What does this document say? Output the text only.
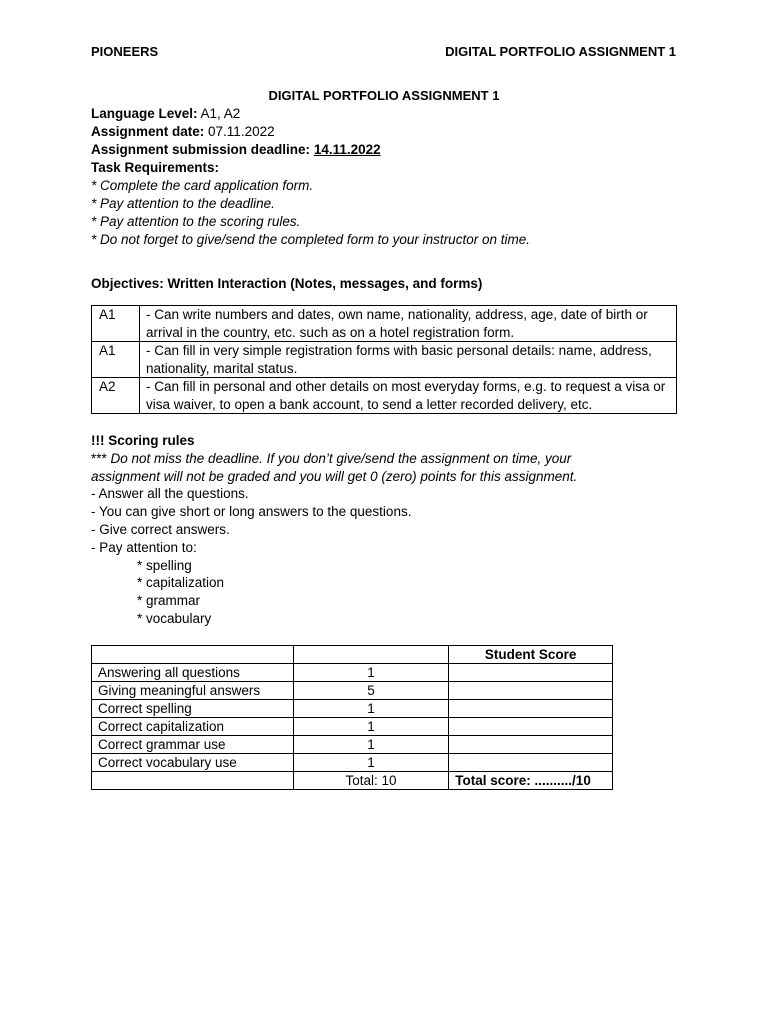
PIONEERS	DIGITAL PORTFOLIO ASSIGNMENT 1
DIGITAL PORTFOLIO ASSIGNMENT 1
Language Level: A1, A2
Assignment date: 07.11.2022
Assignment submission deadline: 14.11.2022
Task Requirements:
* Complete the card application form.
* Pay attention to the deadline.
* Pay attention to the scoring rules.
* Do not forget to give/send the completed form to your instructor on time.
Objectives: Written Interaction (Notes, messages, and forms)
A1	- Can write numbers and dates, own name, nationality, address, age, date of birth or arrival in the country, etc. such as on a hotel registration form.
A1	- Can fill in very simple registration forms with basic personal details: name, address, nationality, marital status.
A2	- Can fill in personal and other details on most everyday forms, e.g. to request a visa or visa waiver, to open a bank account, to send a letter recorded delivery, etc.
!!! Scoring rules
*** Do not miss the deadline. If you don’t give/send the assignment on time, your
assignment will not be graded and you will get 0 (zero) points for this assignment.
- Answer all the questions.
- You can give short or long answers to the questions.
- Give correct answers.
- Pay attention to:
* spelling
* capitalization
* grammar
* vocabulary
		Student Score
Answering all questions	1	
Giving meaningful answers	5	
Correct spelling	1	
Correct capitalization	1	
Correct grammar use	1	
Correct vocabulary use	1	
	Total: 10	Total score: ........../10
